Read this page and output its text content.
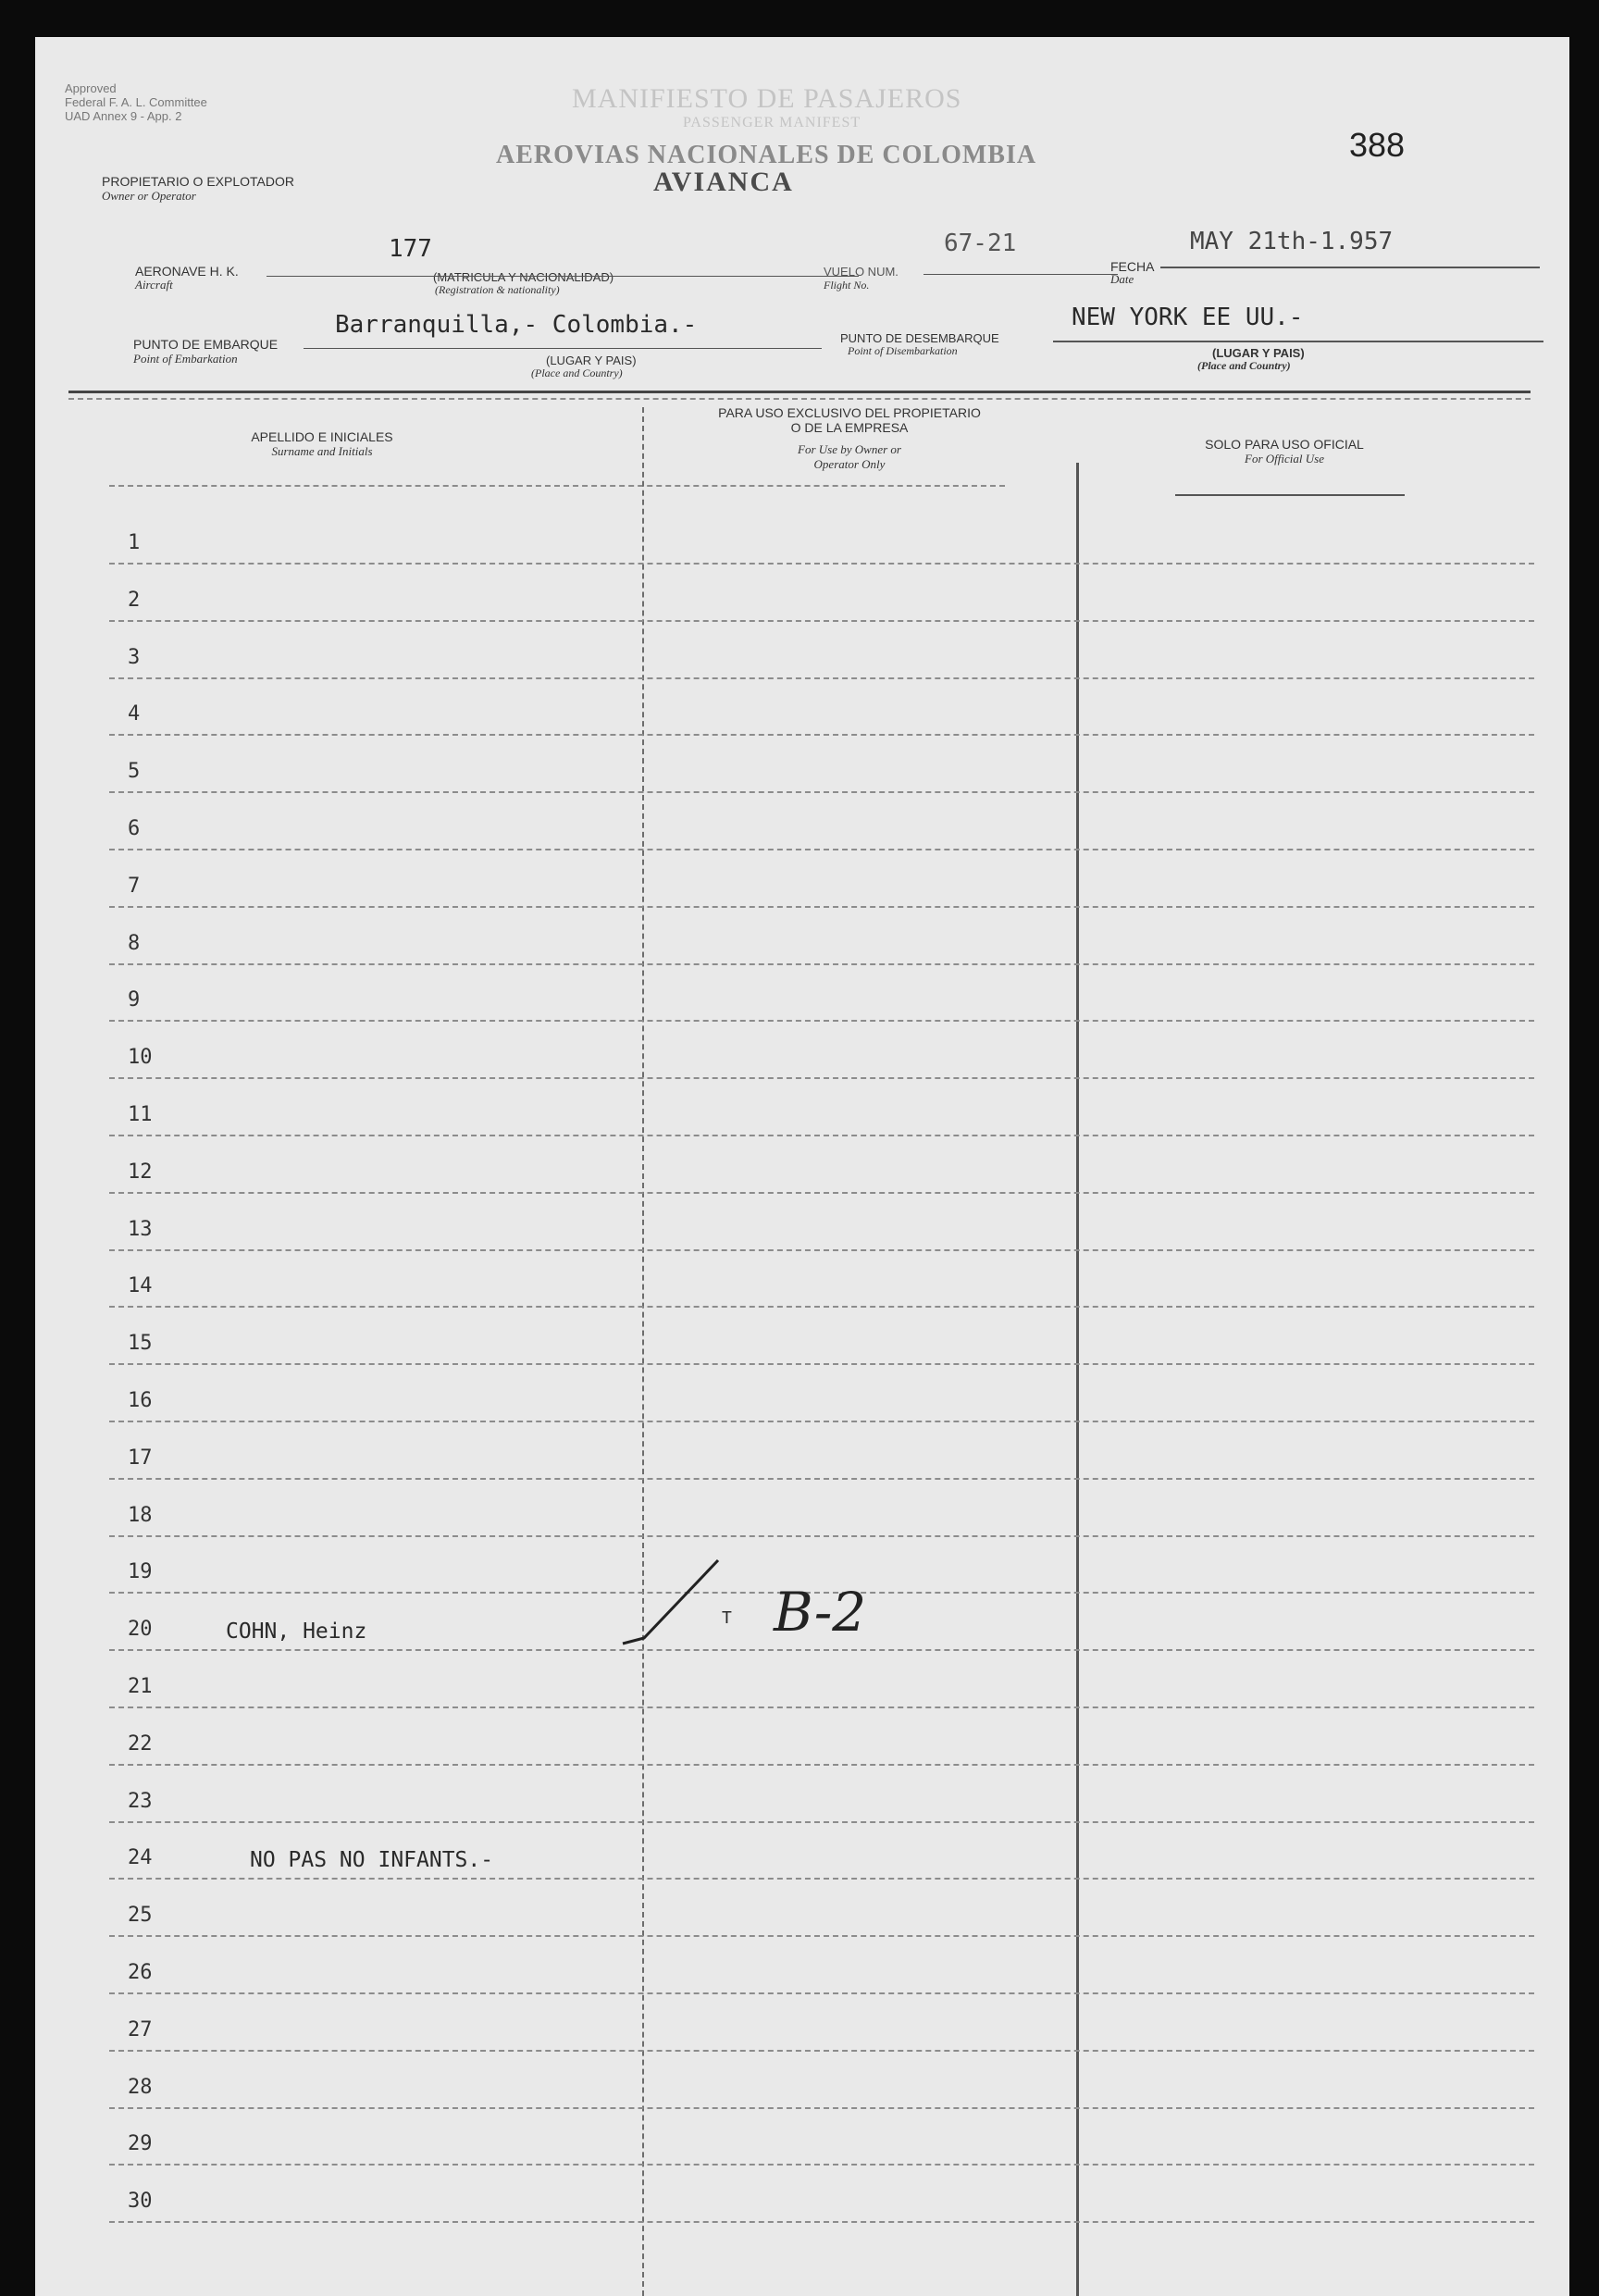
Approved
Federal F. A. L. Committee
UAD Annex 9 - App. 2
MANIFIESTO DE PASAJEROS
PASSENGER MANIFEST
AEROVIAS NACIONALES DE COLOMBIA
AVIANCA
388
PROPIETARIO O EXPLOTADOR
Owner or Operator
AERONAVE H. K.
Aircraft
177
(MATRICULA Y NACIONALIDAD)
(Registration & nationality)
VUELO NUM.
Flight No.
67-21
FECHA
Date
MAY 21th-1.957
PUNTO DE EMBARQUE
Point of Embarkation
Barranquilla,- Colombia.-
(LUGAR Y PAIS)
(Place and Country)
PUNTO DE DESEMBARQUE
Point of Disembarkation
NEW YORK EE UU.-
(LUGAR Y PAIS)
(Place and Country)
APELLIDO E INICIALES
Surname and Initials
PARA USO EXCLUSIVO DEL PROPIETARIO
O DE LA EMPRESA
For Use by Owner or
Operator Only
SOLO PARA USO OFICIAL
For Official Use
1
2
3
4
5
6
7
8
9
10
11
12
13
14
15
16
17
18
19
20	COHN, Heinz
21
22
23
24	NO PAS NO INFANTS.-
25
26
27
28
29
30
T B-2
